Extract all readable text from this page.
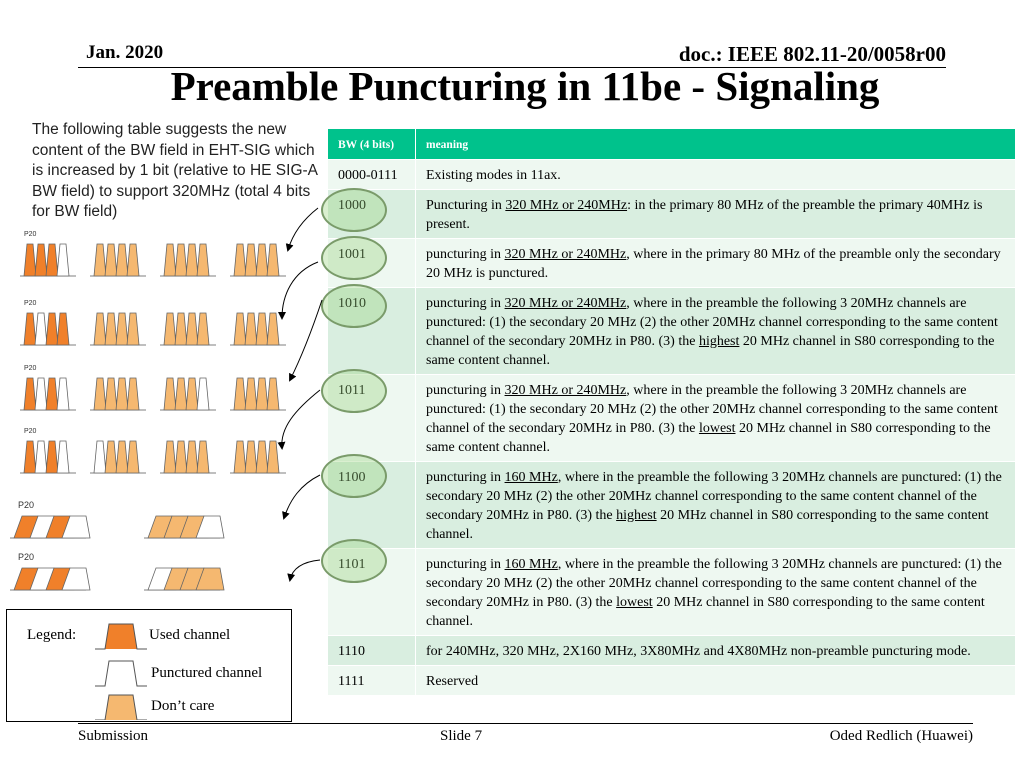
Jan. 2020	doc.: IEEE 802.11-20/0058r00
Preamble Puncturing in 11be - Signaling
The following table suggests the new content of the BW field in EHT-SIG which is increased by 1 bit (relative to HE SIG-A BW field) to support 320MHz (total 4 bits for BW field)
BW (4 bits)	meaning
0000-0111	Existing modes in 11ax.
1000	Puncturing in 320 MHz or 240MHz: in the primary 80 MHz of the preamble the primary 40MHz is present.
1001	puncturing in 320 MHz or 240MHz, where in the primary 80 MHz of the preamble only the secondary 20 MHz is punctured.
1010	puncturing in 320 MHz or 240MHz, where in the preamble the following 3 20MHz channels are punctured: (1) the secondary 20 MHz (2) the other 20MHz channel corresponding to the same content channel of the secondary 20MHz in P80. (3) the highest 20 MHz channel in S80 corresponding to the same content channel.
1011	puncturing in 320 MHz or 240MHz, where in the preamble the following 3 20MHz channels are punctured: (1) the secondary 20 MHz (2) the other 20MHz channel corresponding to the same content channel of the secondary 20MHz in P80. (3) the lowest 20 MHz channel in S80 corresponding to the same content channel.
1100	puncturing in 160 MHz, where in the preamble the following 3 20MHz channels are punctured: (1) the secondary 20 MHz (2) the other 20MHz channel corresponding to the same content channel of the secondary 20MHz in P80. (3) the highest 20 MHz channel in S80 corresponding to the same content channel.
1101	puncturing in 160 MHz, where in the preamble the following 3 20MHz channels are punctured: (1) the secondary 20 MHz (2) the other 20MHz channel corresponding to the same content channel of the secondary 20MHz in P80. (3) the lowest 20 MHz channel in S80 corresponding to the same content channel.
1110	for 240MHz, 320 MHz, 2X160 MHz, 3X80MHz and 4X80MHz non-preamble puncturing mode.
1111	Reserved
P20
P20
P20
P20
P20
P20
Legend:	Used channel
Punctured channel
Don’t care
Submission	Slide 7	Oded Redlich (Huawei)
